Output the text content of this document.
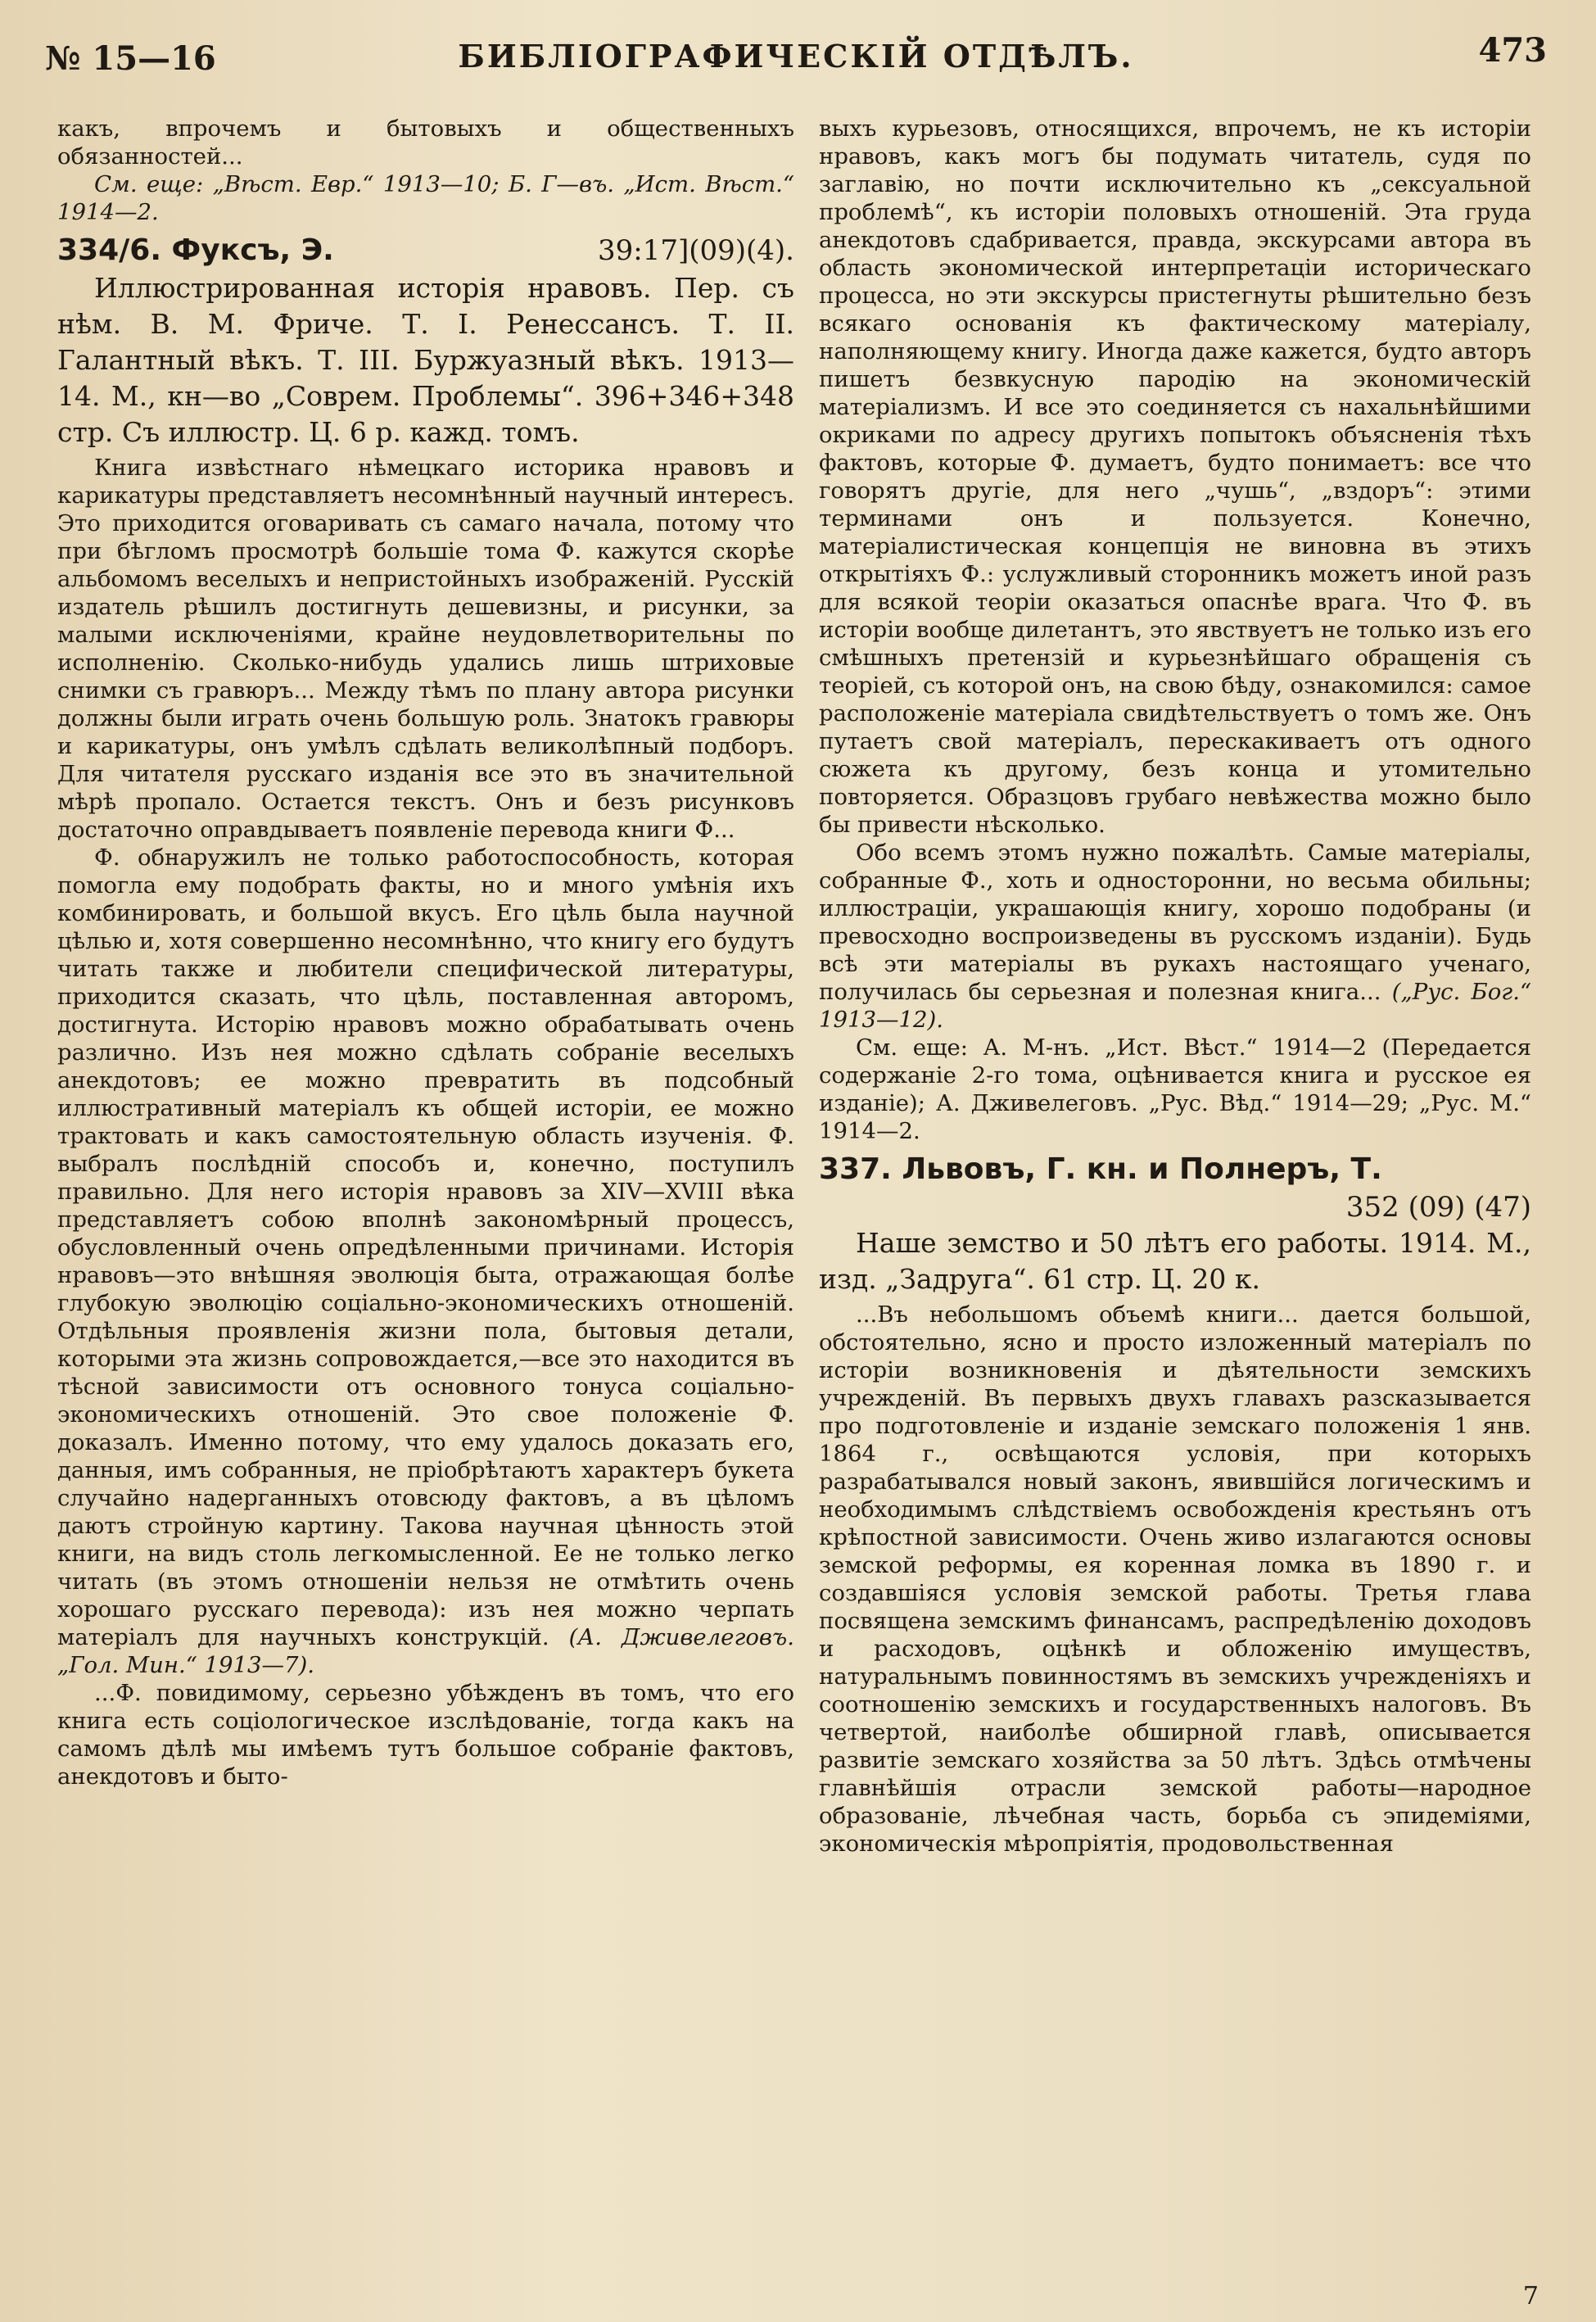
№ 15—16	БИБЛІОГРАФИЧЕСКІЙ ОТДѢЛЪ.	473

какъ, впрочемъ и бытовыхъ и общественныхъ обязанностей...

См. еще: „Вѣст. Евр.“ 1913—10; Б. Г—въ. „Ист. Вѣст.“ 1914—2.

334/6. Фуксъ, Э.	39:17](09)(4).

Иллюстрированная исторія нравовъ. Пер. съ нѣм. В. М. Фриче. Т. I. Ренессансъ. Т. II. Галантный вѣкъ. Т. III. Буржуазный вѣкъ. 1913—14. М., кн—во „Соврем. Проблемы“. 396+346+348 стр. Съ иллюстр. Ц. 6 р. кажд. томъ.

Книга извѣстнаго нѣмецкаго историка нравовъ и карикатуры представляетъ несомнѣнный научный интересъ. Это приходится оговаривать съ самаго начала, потому что при бѣгломъ просмотрѣ большіе тома Ф. кажутся скорѣе альбомомъ веселыхъ и непристойныхъ изображеній. Русскій издатель рѣшилъ достигнуть дешевизны, и рисунки, за малыми исключеніями, крайне неудовлетворительны по исполненію. Сколько-нибудь удались лишь штриховые снимки съ гравюръ... Между тѣмъ по плану автора рисунки должны были играть очень большую роль. Знатокъ гравюры и карикатуры, онъ умѣлъ сдѣлать великолѣпный подборъ. Для читателя русскаго изданія все это въ значительной мѣрѣ пропало. Остается текстъ. Онъ и безъ рисунковъ достаточно оправдываетъ появленіе перевода книги Ф...

Ф. обнаружилъ не только работоспособность, которая помогла ему подобрать факты, но и много умѣнія ихъ комбинировать, и большой вкусъ. Его цѣль была научной цѣлью и, хотя совершенно несомнѣнно, что книгу его будутъ читать также и любители специфической литературы, приходится сказать, что цѣль, поставленная авторомъ, достигнута. Исторію нравовъ можно обрабатывать очень различно. Изъ нея можно сдѣлать собраніе веселыхъ анекдотовъ; ее можно превратить въ подсобный иллюстративный матеріалъ къ общей исторіи, ее можно трактовать и какъ самостоятельную область изученія. Ф. выбралъ послѣдній способъ и, конечно, поступилъ правильно. Для него исторія нравовъ за XIV—XVIII вѣка представляетъ собою вполнѣ закономѣрный процессъ, обусловленный очень опредѣленными причинами. Исторія нравовъ—это внѣшняя эволюція быта, отражающая болѣе глубокую эволюцію соціально-экономическихъ отношеній. Отдѣльныя проявленія жизни пола, бытовыя детали, которыми эта жизнь сопровождается,—все это находится въ тѣсной зависимости отъ основного тонуса соціально-экономическихъ отношеній. Это свое положеніе Ф. доказалъ. Именно потому, что ему удалось доказать его, данныя, имъ собранныя, не пріобрѣтаютъ характеръ букета случайно надерганныхъ отовсюду фактовъ, а въ цѣломъ даютъ стройную картину. Такова научная цѣнность этой книги, на видъ столь легкомысленной. Ее не только легко читать (въ этомъ отношеніи нельзя не отмѣтить очень хорошаго русскаго перевода): изъ нея можно черпать матеріалъ для научныхъ конструкцій. (А. Дживелеговъ. „Гол. Мин.“ 1913—7).

...Ф. повидимому, серьезно убѣжденъ въ томъ, что его книга есть соціологическое изслѣдованіе, тогда какъ на самомъ дѣлѣ мы имѣемъ тутъ большое собраніе фактовъ, анекдотовъ и быто-

выхъ курьезовъ, относящихся, впрочемъ, не къ исторіи нравовъ, какъ могъ бы подумать читатель, судя по заглавію, но почти исключительно къ „сексуальной проблемѣ“, къ исторіи половыхъ отношеній. Эта груда анекдотовъ сдабривается, правда, экскурсами автора въ область экономической интерпретаціи историческаго процесса, но эти экскурсы пристегнуты рѣшительно безъ всякаго основанія къ фактическому матеріалу, наполняющему книгу. Иногда даже кажется, будто авторъ пишетъ безвкусную пародію на экономическій матеріализмъ. И все это соединяется съ нахальнѣйшими окриками по адресу другихъ попытокъ объясненія тѣхъ фактовъ, которые Ф. думаетъ, будто понимаетъ: все что говорятъ другіе, для него „чушь“, „вздоръ“: этими терминами онъ и пользуется. Конечно, матеріалистическая концепція не виновна въ этихъ открытіяхъ Ф.: услужливый сторонникъ можетъ иной разъ для всякой теоріи оказаться опаснѣе врага. Что Ф. въ исторіи вообще дилетантъ, это явствуетъ не только изъ его смѣшныхъ претензій и курьезнѣйшаго обращенія съ теоріей, съ которой онъ, на свою бѣду, ознакомился: самое расположеніе матеріала свидѣтельствуетъ о томъ же. Онъ путаетъ свой матеріалъ, перескакиваетъ отъ одного сюжета къ другому, безъ конца и утомительно повторяется. Образцовъ грубаго невѣжества можно было бы привести нѣсколько.

Обо всемъ этомъ нужно пожалѣть. Самые матеріалы, собранные Ф., хоть и односторонни, но весьма обильны; иллюстраціи, украшающія книгу, хорошо подобраны (и превосходно воспроизведены въ русскомъ изданіи). Будь всѣ эти матеріалы въ рукахъ настоящаго ученаго, получилась бы серьезная и полезная книга... („Рус. Бог.“ 1913—12).

См. еще: А. М-нъ. „Ист. Вѣст.“ 1914—2 (Передается содержаніе 2-го тома, оцѣнивается книга и русское ея изданіе); А. Дживелеговъ. „Рус. Вѣд.“ 1914—29; „Рус. М.“ 1914—2.

337. Львовъ, Г. кн. и Полнеръ, Т.
352 (09) (47)

Наше земство и 50 лѣтъ его работы. 1914. М., изд. „Задруга“. 61 стр. Ц. 20 к.

...Въ небольшомъ объемѣ книги... дается большой, обстоятельно, ясно и просто изложенный матеріалъ по исторіи возникновенія и дѣятельности земскихъ учрежденій. Въ первыхъ двухъ главахъ разсказывается про подготовленіе и изданіе земскаго положенія 1 янв. 1864 г., освѣщаются условія, при которыхъ разрабатывался новый законъ, явившійся логическимъ и необходимымъ слѣдствіемъ освобожденія крестьянъ отъ крѣпостной зависимости. Очень живо излагаются основы земской реформы, ея коренная ломка въ 1890 г. и создавшіяся условія земской работы. Третья глава посвящена земскимъ финансамъ, распредѣленію доходовъ и расходовъ, оцѣнкѣ и обложенію имуществъ, натуральнымъ повинностямъ въ земскихъ учрежденіяхъ и соотношенію земскихъ и государственныхъ налоговъ. Въ четвертой, наиболѣе обширной главѣ, описывается развитіе земскаго хозяйства за 50 лѣтъ. Здѣсь отмѣчены главнѣйшія отрасли земской работы—народное образованіе, лѣчебная часть, борьба съ эпидеміями, экономическія мѣропріятія, продовольственная

7
